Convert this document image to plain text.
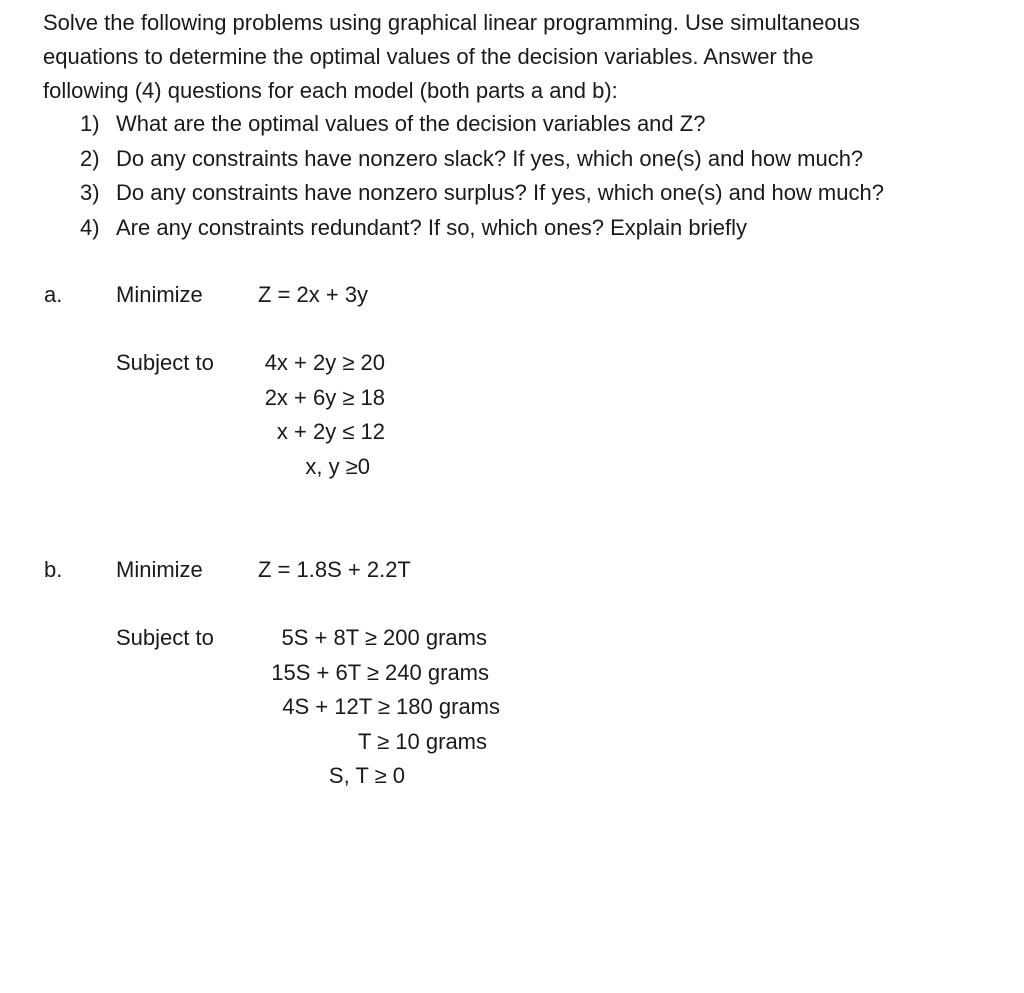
Solve the following problems using graphical linear programming. Use simultaneous

equations to determine the optimal values of the decision variables. Answer the

following (4) questions for each model (both parts a and b):

1) What are the optimal values of the decision variables and Z?
2) Do any constraints have nonzero slack? If yes, which one(s) and how much?
3) Do any constraints have nonzero surplus? If yes, which one(s) and how much?
4) Are any constraints redundant? If so, which ones? Explain briefly
a. Minimize	Z = 2x + 3y
Subject to	4x + 2y ≥ 20
2x + 6y ≥ 18
x + 2y ≤ 12
x, y ≥0
b. Minimize	Z = 1.8S + 2.2T
Subject to	5S + 8T ≥ 200 grams
15S + 6T ≥ 240 grams
4S + 12T ≥ 180 grams
T ≥ 10 grams
S, T ≥ 0
